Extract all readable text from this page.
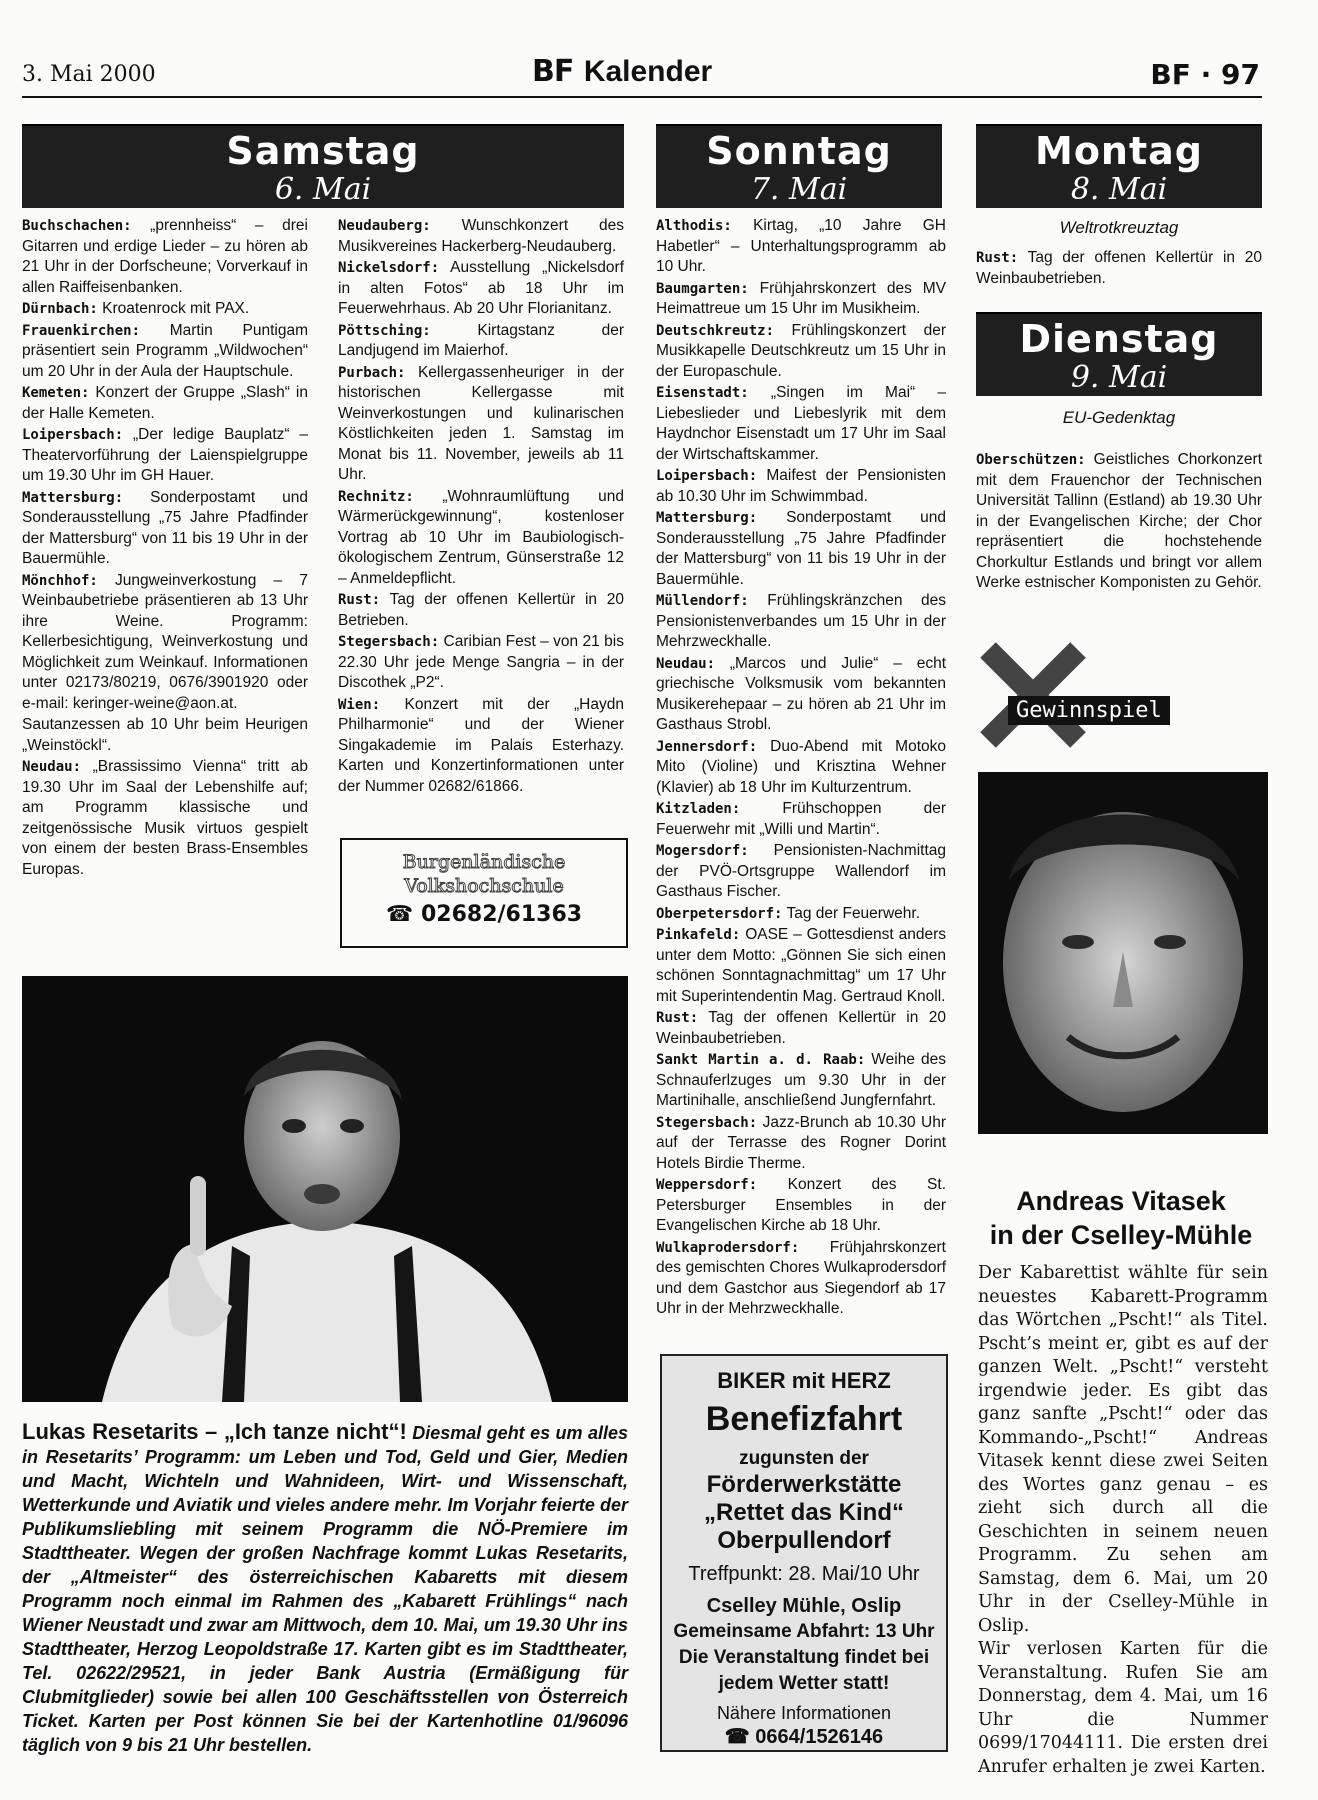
3. Mai 2000	BF Kalender	BF · 97
Samstag
6. Mai

Buchschachen: „prennheiss“ – drei Gitarren und erdige Lieder – zu hören ab 21 Uhr in der Dorfscheune; Vorverkauf in allen Raiffeisenbanken.

Dürnbach: Kroatenrock mit PAX.

Frauenkirchen: Martin Puntigam präsentiert sein Programm „Wildwochen“ um 20 Uhr in der Aula der Hauptschule.

Kemeten: Konzert der Gruppe „Slash“ in der Halle Kemeten.

Loipersbach: „Der ledige Bauplatz“ – Theatervorführung der Laienspielgruppe um 19.30 Uhr im GH Hauer.

Mattersburg: Sonderpostamt und Sonderausstellung „75 Jahre Pfadfinder der Mattersburg“ von 11 bis 19 Uhr in der Bauermühle.

Mönchhof: Jungweinverkostung – 7 Weinbaubetriebe präsentieren ab 13 Uhr ihre Weine. Programm: Kellerbesichtigung, Weinverkostung und Möglichkeit zum Weinkauf. Informationen unter 02173/80219, 0676/3901920 oder e-mail: keringer-weine@aon.at.

Sautanzessen ab 10 Uhr beim Heurigen „Weinstöckl“.

Neudau: „Brassissimo Vienna“ tritt ab 19.30 Uhr im Saal der Lebenshilfe auf; am Programm klassische und zeitgenössische Musik virtuos gespielt von einem der besten Brass-Ensembles Europas.

Neudauberg: Wunschkonzert des Musikvereines Hackerberg-Neudauberg.

Nickelsdorf: Ausstellung „Nickelsdorf in alten Fotos“ ab 18 Uhr im Feuerwehrhaus. Ab 20 Uhr Florianitanz.

Pöttsching: Kirtagstanz der Landjugend im Maierhof.

Purbach: Kellergassenheuriger in der historischen Kellergasse mit Weinverkostungen und kulinarischen Köstlichkeiten jeden 1. Samstag im Monat bis 11. November, jeweils ab 11 Uhr.

Rechnitz: „Wohnraumlüftung und Wärmerückgewinnung“, kostenloser Vortrag ab 10 Uhr im Baubiologisch-ökologischem Zentrum, Günserstraße 12 – Anmeldepflicht.

Rust: Tag der offenen Kellertür in 20 Betrieben.

Stegersbach: Caribian Fest – von 21 bis 22.30 Uhr jede Menge Sangria – in der Discothek „P2“.

Wien: Konzert mit der „Haydn Philharmonie“ und der Wiener Singakademie im Palais Esterhazy. Karten und Konzertinformationen unter der Nummer 02682/61866.

Burgenländische
Volkshochschule
☎ 02682/61363
Lukas Resetarits – „Ich tanze nicht“! Diesmal geht es um alles in Resetarits’ Programm: um Leben und Tod, Geld und Gier, Medien und Macht, Wichteln und Wahnideen, Wirt- und Wissenschaft, Wetterkunde und Aviatik und vieles andere mehr. Im Vorjahr feierte der Publikumsliebling mit seinem Programm die NÖ-Premiere im Stadttheater. Wegen der großen Nachfrage kommt Lukas Resetarits, der „Altmeister“ des österreichischen Kabaretts mit diesem Programm noch einmal im Rahmen des „Kabarett Frühlings“ nach Wiener Neustadt und zwar am Mittwoch, dem 10. Mai, um 19.30 Uhr ins Stadttheater, Herzog Leopoldstraße 17. Karten gibt es im Stadttheater, Tel. 02622/29521, in jeder Bank Austria (Ermäßigung für Clubmitglieder) sowie bei allen 100 Geschäftsstellen von Österreich Ticket. Karten per Post können Sie bei der Kartenhotline 01/96096 täglich von 9 bis 21 Uhr bestellen.
Sonntag
7. Mai

Althodis: Kirtag, „10 Jahre GH Habetler“ – Unterhaltungsprogramm ab 10 Uhr.

Baumgarten: Frühjahrskonzert des MV Heimattreue um 15 Uhr im Musikheim.

Deutschkreutz: Frühlingskonzert der Musikkapelle Deutschkreutz um 15 Uhr in der Europaschule.

Eisenstadt: „Singen im Mai“ – Liebeslieder und Liebeslyrik mit dem Haydnchor Eisenstadt um 17 Uhr im Saal der Wirtschaftskammer.

Loipersbach: Maifest der Pensionisten ab 10.30 Uhr im Schwimmbad.

Mattersburg: Sonderpostamt und Sonderausstellung „75 Jahre Pfadfinder der Mattersburg“ von 11 bis 19 Uhr in der Bauermühle.

Müllendorf: Frühlingskränzchen des Pensionistenverbandes um 15 Uhr in der Mehrzweckhalle.

Neudau: „Marcos und Julie“ – echt griechische Volksmusik vom bekannten Musikerehepaar – zu hören ab 21 Uhr im Gasthaus Strobl.

Jennersdorf: Duo-Abend mit Motoko Mito (Violine) und Krisztina Wehner (Klavier) ab 18 Uhr im Kulturzentrum.

Kitzladen: Frühschoppen der Feuerwehr mit „Willi und Martin“.

Mogersdorf: Pensionisten-Nachmittag der PVÖ-Ortsgruppe Wallendorf im Gasthaus Fischer.

Oberpetersdorf: Tag der Feuerwehr.

Pinkafeld: OASE – Gottesdienst anders unter dem Motto: „Gönnen Sie sich einen schönen Sonntagnachmittag“ um 17 Uhr mit Superintendentin Mag. Gertraud Knoll.

Rust: Tag der offenen Kellertür in 20 Weinbaubetrieben.

Sankt Martin a. d. Raab: Weihe des Schnauferlzuges um 9.30 Uhr in der Martinihalle, anschließend Jungfernfahrt.

Stegersbach: Jazz-Brunch ab 10.30 Uhr auf der Terrasse des Rogner Dorint Hotels Birdie Therme.

Weppersdorf: Konzert des St. Petersburger Ensembles in der Evangelischen Kirche ab 18 Uhr.

Wulkaprodersdorf: Frühjahrskonzert des gemischten Chores Wulkaprodersdorf und dem Gastchor aus Siegendorf ab 17 Uhr in der Mehrzweckhalle.

BIKER mit HERZ
Benefizfahrt
zugunsten der
Förderwerkstätte
„Rettet das Kind“
Oberpullendorf
Treffpunkt: 28. Mai/10 Uhr
Cselley Mühle, Oslip
Gemeinsame Abfahrt: 13 Uhr
Die Veranstaltung findet bei
jedem Wetter statt!
Nähere Informationen
☎ 0664/1526146
Montag
8. Mai
Weltrotkreuztag

Rust: Tag der offenen Kellertür in 20 Weinbaubetrieben.

Dienstag
9. Mai
EU-Gedenktag

Oberschützen: Geistliches Chorkonzert mit dem Frauenchor der Technischen Universität Tallinn (Estland) ab 19.30 Uhr in der Evangelischen Kirche; der Chor repräsentiert die hochstehende Chorkultur Estlands und bringt vor allem Werke estnischer Komponisten zu Gehör.

Gewinnspiel
Andreas Vitasek
in der Cselley-Mühle
Der Kabarettist wählte für sein neuestes Kabarett-Programm das Wörtchen „Pscht!“ als Titel. Pscht’s meint er, gibt es auf der ganzen Welt. „Pscht!“ versteht irgendwie jeder. Es gibt das ganz sanfte „Pscht!“ oder das Kommando-„Pscht!“ Andreas Vitasek kennt diese zwei Seiten des Wortes ganz genau – es zieht sich durch all die Geschichten in seinem neuen Programm. Zu sehen am Samstag, dem 6. Mai, um 20 Uhr in der Cselley-Mühle in Oslip.
Wir verlosen Karten für die Veranstaltung. Rufen Sie am Donnerstag, dem 4. Mai, um 16 Uhr die Nummer 0699/17044111. Die ersten drei Anrufer erhalten je zwei Karten.
